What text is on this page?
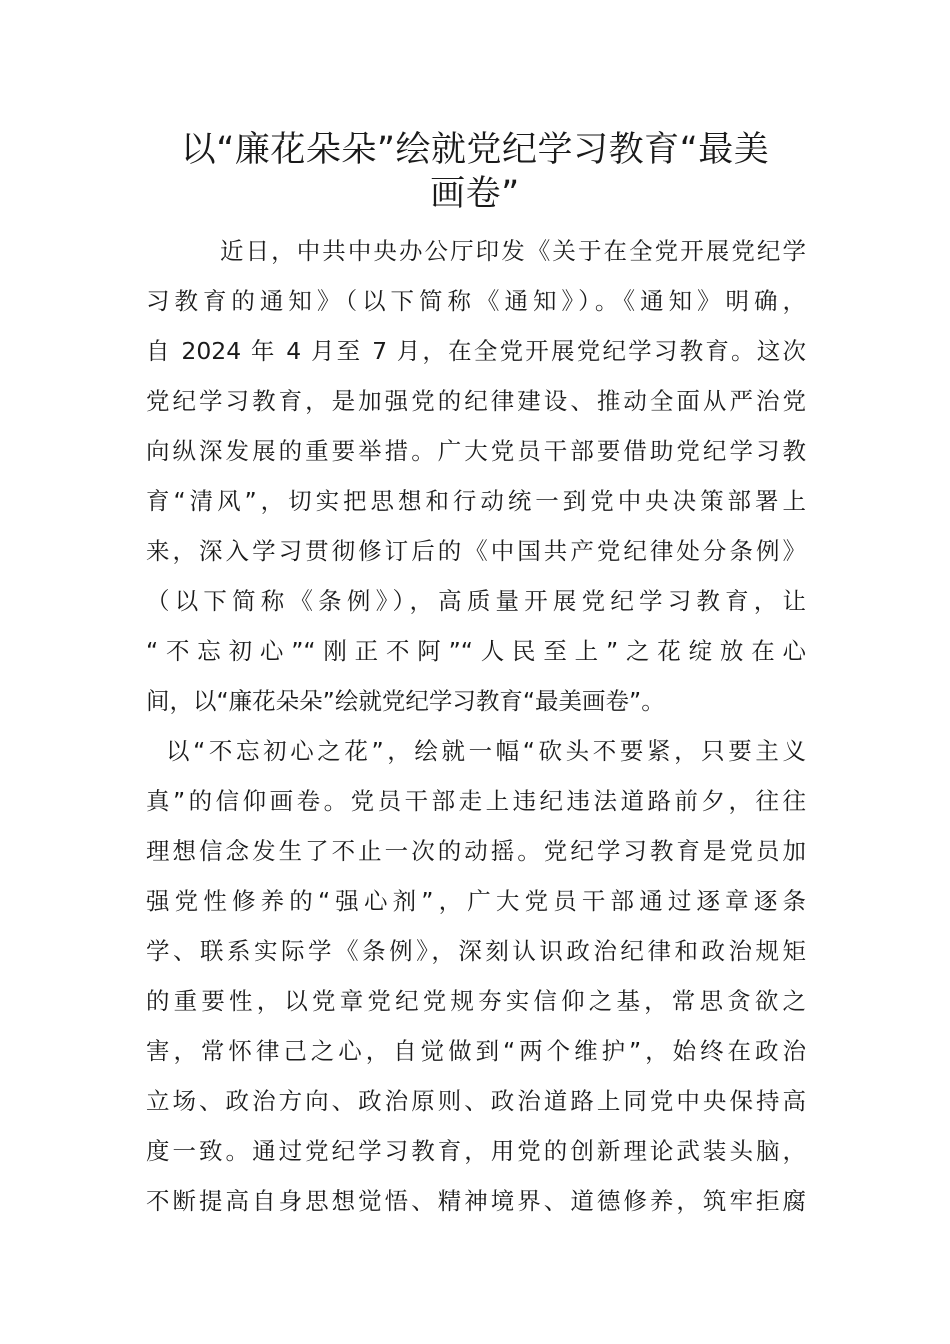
以“廉花朵朵”绘就党纪学习教育“最美
画卷”
近日，中共中央办公厅印发《关于在全党开展党纪学
习教育的通知》（以下简称《通知》）。《通知》明确，
自 2024 年 4 月至 7 月，在全党开展党纪学习教育。这次
党纪学习教育，是加强党的纪律建设、推动全面从严治党
向纵深发展的重要举措。广大党员干部要借助党纪学习教
育“清风”，切实把思想和行动统一到党中央决策部署上
来，深入学习贯彻修订后的《中国共产党纪律处分条例》
（以下简称《条例》），高质量开展党纪学习教育，让
“不忘初心”“刚正不阿”“人民至上”之花绽放在心
间，以“廉花朵朵”绘就党纪学习教育“最美画卷”。
以“不忘初心之花”，绘就一幅“砍头不要紧，只要主义
真”的信仰画卷。党员干部走上违纪违法道路前夕，往往
理想信念发生了不止一次的动摇。党纪学习教育是党员加
强党性修养的“强心剂”，广大党员干部通过逐章逐条
学、联系实际学《条例》，深刻认识政治纪律和政治规矩
的重要性，以党章党纪党规夯实信仰之基，常思贪欲之
害，常怀律己之心，自觉做到“两个维护”，始终在政治
立场、政治方向、政治原则、政治道路上同党中央保持高
度一致。通过党纪学习教育，用党的创新理论武装头脑，
不断提高自身思想觉悟、精神境界、道德修养，筑牢拒腐
